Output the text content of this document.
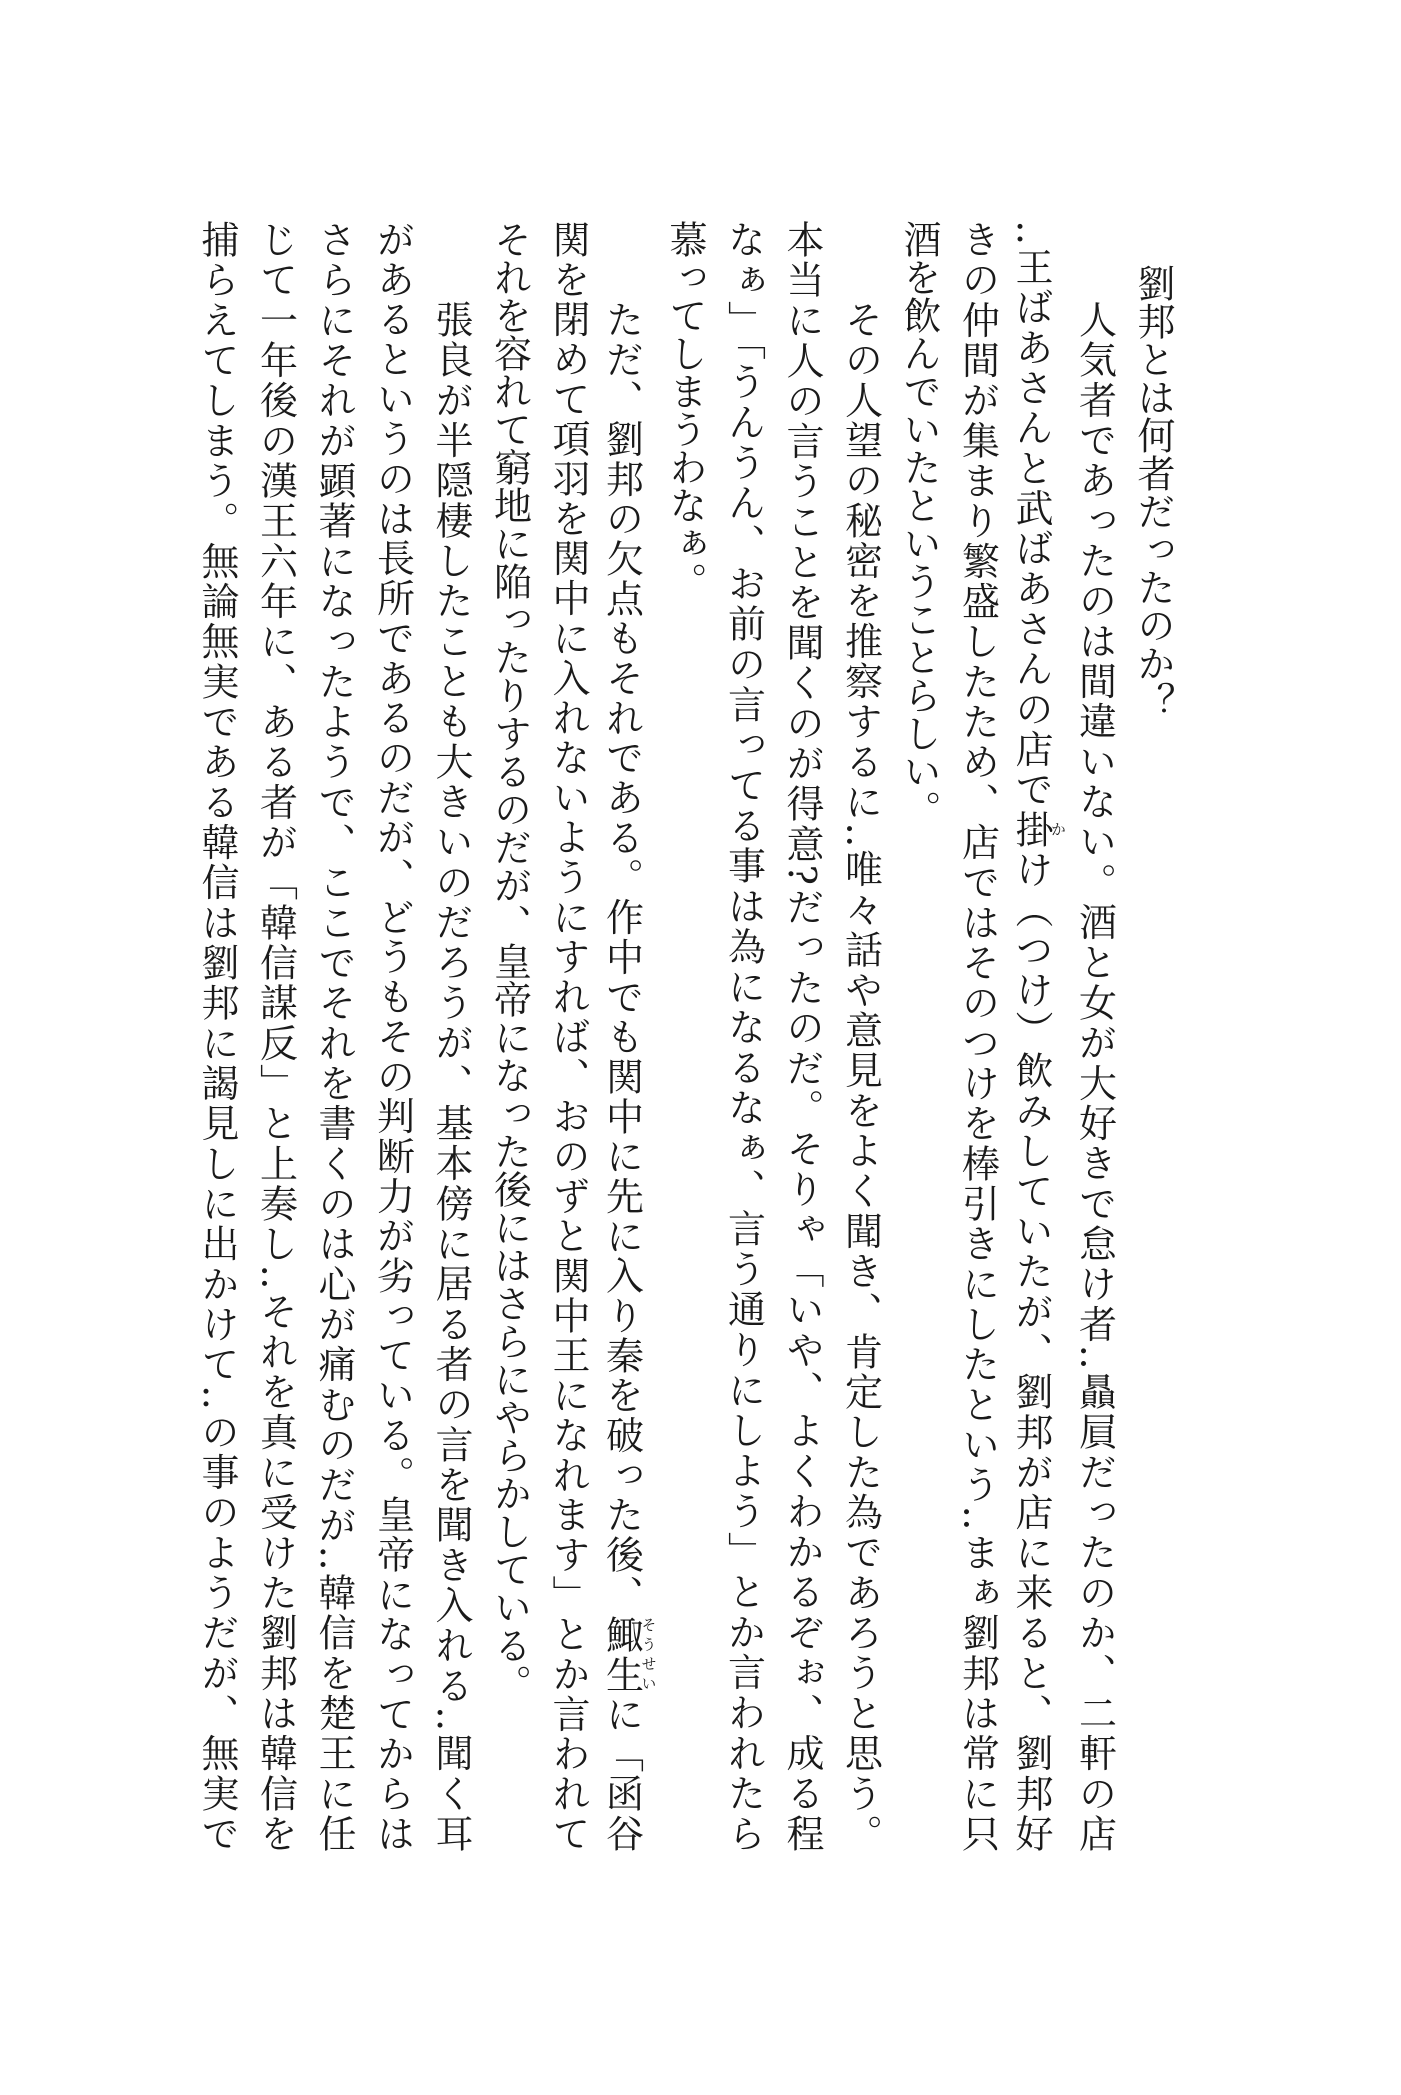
劉邦とは何者だったのか？
人気者であったのは間違いない。酒と女が大好きで怠け者‥贔屓だったのか、二軒の店
‥王ばあさんと武ばあさんの店で掛かけ（つけ）飲みしていたが、劉邦が店に来ると、劉邦好
きの仲間が集まり繁盛したため、店ではそのつけを棒引きにしたという‥まぁ劉邦は常に只
酒を飲んでいたということらしい。
その人望の秘密を推察するに‥唯々話や意見をよく聞き、肯定した為であろうと思う。
本当に人の言うことを聞くのが得意?だったのだ。そりゃ「いや、よくわかるぞぉ、成る程
なぁ」「うんうん、お前の言ってる事は為になるなぁ、言う通りにしよう」とか言われたら
慕ってしまうわなぁ。
ただ、劉邦の欠点もそれである。作中でも関中に先に入り秦を破った後、鯫生そうせいに「函谷
関を閉めて項羽を関中に入れないようにすれば、おのずと関中王になれます」とか言われて
それを容れて窮地に陥ったりするのだが、皇帝になった後にはさらにやらかしている。
張良が半隠棲したことも大きいのだろうが、基本傍に居る者の言を聞き入れる‥聞く耳
があるというのは長所であるのだが、どうもその判断力が劣っている。皇帝になってからは
さらにそれが顕著になったようで、ここでそれを書くのは心が痛むのだが‥韓信を楚王に任
じて一年後の漢王六年に、ある者が「韓信謀反」と上奏し‥それを真に受けた劉邦は韓信を
捕らえてしまう。無論無実である韓信は劉邦に謁見しに出かけて‥の事のようだが、無実で
